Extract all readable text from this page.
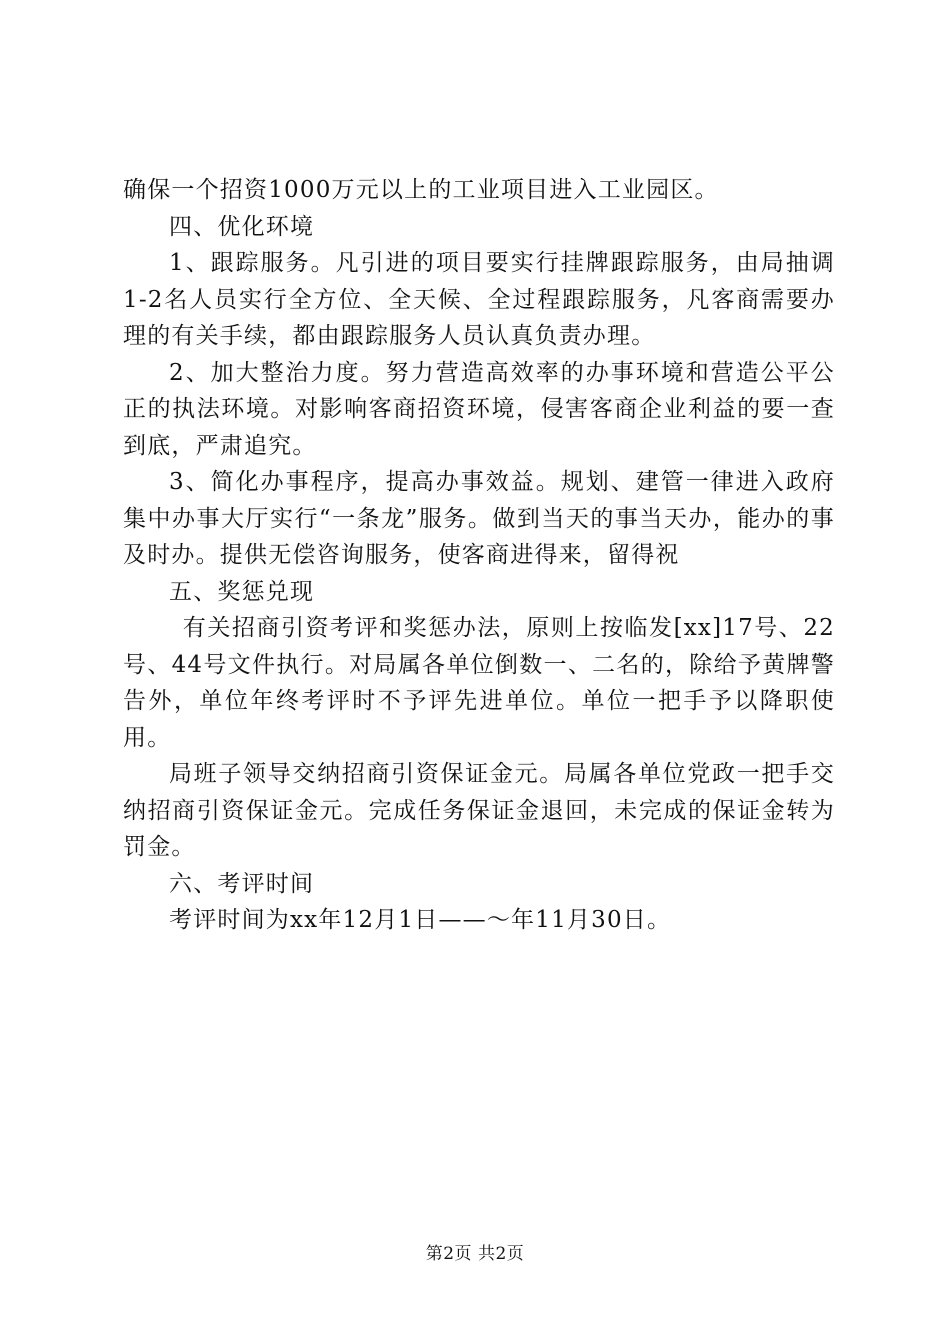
确保一个招资1000万元以上的工业项目进入工业园区。

四、优化环境

1、跟踪服务。凡引进的项目要实行挂牌跟踪服务，由局抽调1-2名人员实行全方位、全天候、全过程跟踪服务，凡客商需要办理的有关手续，都由跟踪服务人员认真负责办理。

2、加大整治力度。努力营造高效率的办事环境和营造公平公正的执法环境。对影响客商招资环境，侵害客商企业利益的要一查到底，严肃追究。

3、简化办事程序，提高办事效益。规划、建管一律进入政府集中办事大厅实行“一条龙”服务。做到当天的事当天办，能办的事及时办。提供无偿咨询服务，使客商进得来，留得祝

五、奖惩兑现

有关招商引资考评和奖惩办法，原则上按临发[xx]17号、22号、44号文件执行。对局属各单位倒数一、二名的，除给予黄牌警告外，单位年终考评时不予评先进单位。单位一把手予以降职使用。

局班子领导交纳招商引资保证金元。局属各单位党政一把手交纳招商引资保证金元。完成任务保证金退回，未完成的保证金转为罚金。

六、考评时间

考评时间为xx年12月1日——～年11月30日。

第2页 共2页
